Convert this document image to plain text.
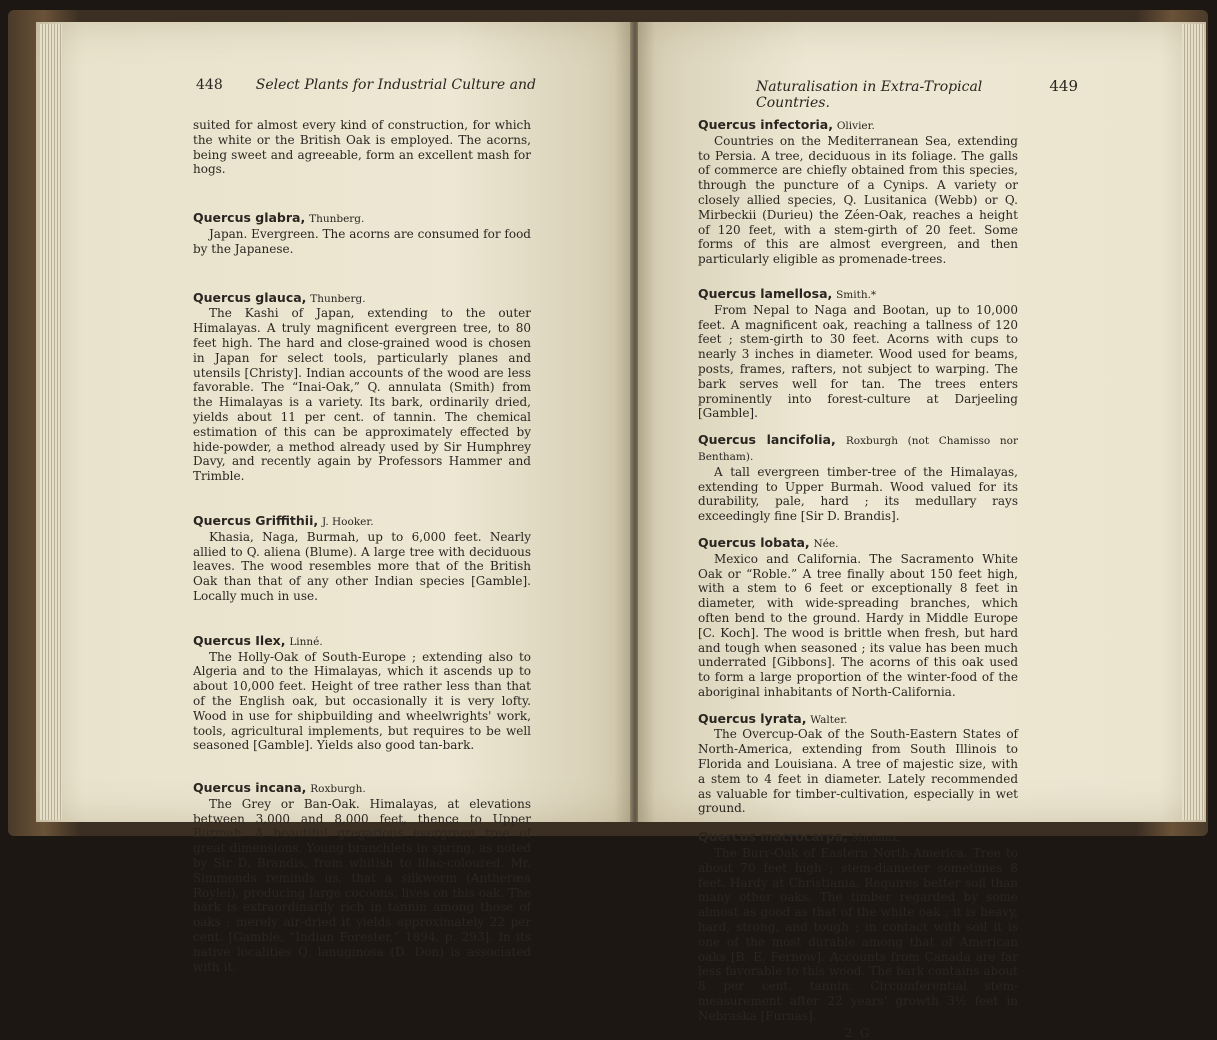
448 Select Plants for Industrial Culture and

suited for almost every kind of construction, for which the white or the British Oak is employed. The acorns, being sweet and agreeable, form an excellent mash for hogs.

Quercus glabra, Thunberg.

Japan. Evergreen. The acorns are consumed for food by the Japanese.

Quercus glauca, Thunberg.

The Kashi of Japan, extending to the outer Himalayas. A truly magnificent evergreen tree, to 80 feet high. The hard and close-grained wood is chosen in Japan for select tools, particularly planes and utensils [Christy]. Indian accounts of the wood are less favorable. The “Inai-Oak,” Q. annulata (Smith) from the Himalayas is a variety. Its bark, ordinarily dried, yields about 11 per cent. of tannin. The chemical estimation of this can be approximately effected by hide-powder, a method already used by Sir Humphrey Davy, and recently again by Professors Hammer and Trimble.

Quercus Griffithii, J. Hooker.

Khasia, Naga, Burmah, up to 6,000 feet. Nearly allied to Q. aliena (Blume). A large tree with deciduous leaves. The wood resembles more that of the British Oak than that of any other Indian species [Gamble]. Locally much in use.

Quercus Ilex, Linné.

The Holly-Oak of South-Europe ; extending also to Algeria and to the Himalayas, which it ascends up to about 10,000 feet. Height of tree rather less than that of the English oak, but occasionally it is very lofty. Wood in use for shipbuilding and wheelwrights' work, tools, agricultural implements, but requires to be well seasoned [Gamble]. Yields also good tan-bark.

Quercus incana, Roxburgh.

The Grey or Ban-Oak. Himalayas, at elevations between 3,000 and 8,000 feet, thence to Upper Burmah. A beautiful gregarious evergreen tree of great dimensions. Young branchlets in spring, as noted by Sir D. Brandis, from whitish to lilac-coloured. Mr. Simmonds reminds us, that a silkworm (Antheræa Roylei), producing large cocoons, lives on this oak. The bark is extraordinarily rich in tannin among those of oaks ; merely air-dried it yields approximately 22 per cent. [Gamble, “Indian Forester,” 1894, p. 293]. In its native localities Q. lanuginosa (D. Don) is associated with it.

Naturalisation in Extra-Tropical Countries.
449
Quercus infectoria, Olivier.

Countries on the Mediterranean Sea, extending to Persia. A tree, deciduous in its foliage. The galls of commerce are chiefly obtained from this species, through the puncture of a Cynips. A variety or closely allied species, Q. Lusitanica (Webb) or Q. Mirbeckii (Durieu) the Zéen-Oak, reaches a height of 120 feet, with a stem-girth of 20 feet. Some forms of this are almost evergreen, and then particularly eligible as promenade-trees.

Quercus lamellosa, Smith.*

From Nepal to Naga and Bootan, up to 10,000 feet. A magnificent oak, reaching a tallness of 120 feet ; stem-girth to 30 feet. Acorns with cups to nearly 3 inches in diameter. Wood used for beams, posts, frames, rafters, not subject to warping. The bark serves well for tan. The trees enters prominently into forest-culture at Darjeeling [Gamble].

Quercus lancifolia, Roxburgh (not Chamisso nor Bentham).

A tall evergreen timber-tree of the Himalayas, extending to Upper Burmah. Wood valued for its durability, pale, hard ; its medullary rays exceedingly fine [Sir D. Brandis].

Quercus lobata, Née.

Mexico and California. The Sacramento White Oak or “Roble.” A tree finally about 150 feet high, with a stem to 6 feet or exceptionally 8 feet in diameter, with wide-spreading branches, which often bend to the ground. Hardy in Middle Europe [C. Koch]. The wood is brittle when fresh, but hard and tough when seasoned ; its value has been much underrated [Gibbons]. The acorns of this oak used to form a large proportion of the winter-food of the aboriginal inhabitants of North-California.

Quercus lyrata, Walter.

The Overcup-Oak of the South-Eastern States of North-America, extending from South Illinois to Florida and Louisiana. A tree of majestic size, with a stem to 4 feet in diameter. Lately recommended as valuable for timber-cultivation, especially in wet ground.

Quercus macrocarpa, Michaux.

The Burr-Oak of Eastern North-America. Tree to about 70 feet high ; stem-diameter sometimes 8 feet. Hardy at Christiania. Requires better soil than many other oaks. The timber regarded by some almost as good as that of the white oak ; it is heavy, hard, strong, and tough ; in contact with soil it is one of the most durable among that of American oaks [B. E. Fernow]. Accounts from Canada are far less favorable to this wood. The bark contains about 8 per cent. tannin. Circumferential stem-measurement after 22 years' growth 3½ feet in Nebraska [Furnas].

2 G
